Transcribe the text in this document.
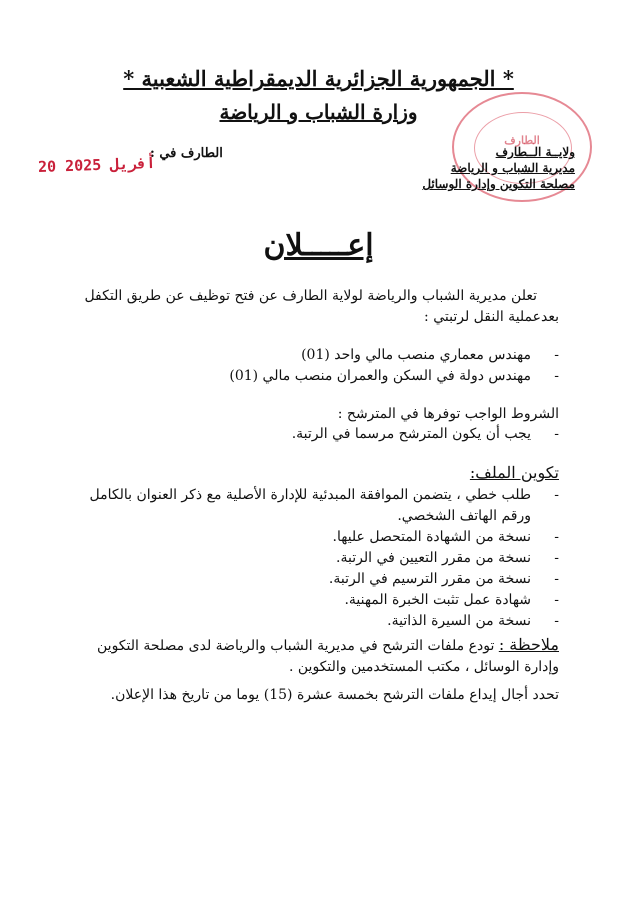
* الجمهورية الجزائرية الديمقراطية الشعبية *
وزارة الشباب و الرياضة
الطارف
ولايــة الــطارف
مديرية الشباب و الرياضة
مصلحة التكوين وإدارة الوسائل
الطارف في :
20 أفريل 2025
إعـــــلان
تعلن مديرية الشباب والرياضة لولاية الطارف عن فتح توظيف عن طريق التكفل
بعدعملية النقل لرتبتي :
- مهندس معماري منصب مالي واحد (01)
- مهندس دولة في السكن والعمران منصب مالي (01)
الشروط الواجب توفرها في المترشح :
- يجب أن يكون المترشح مرسما في الرتبة.
تكوين الملف:
- طلب خطي ، يتضمن الموافقة المبدئية للإدارة الأصلية مع ذكر العنوان بالكامل ورقم الهاتف الشخصي.
- نسخة من الشهادة المتحصل عليها.
- نسخة من مقرر التعيين في الرتبة.
- نسخة من مقرر الترسيم في الرتبة.
- شهادة عمل تثبت الخبرة المهنية.
- نسخة من السيرة الذاتية.
ملاحظة : تودع ملفات الترشح في مديرية الشباب والرياضة لدى مصلحة التكوين وإدارة الوسائل ، مكتب المستخدمين والتكوين .
تحدد أجال إيداع ملفات الترشح بخمسة عشرة (15) يوما من تاريخ هذا الإعلان.
